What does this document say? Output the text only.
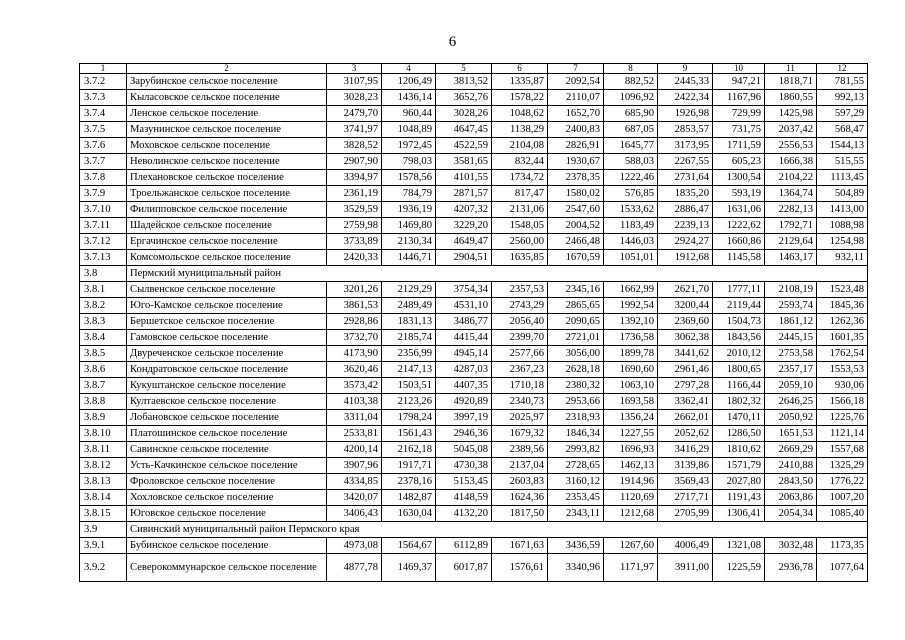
6
1	2	3	4	5	6	7	8	9	10	11	12
3.7.2	Зарубинское сельское поселение	3107,95	1206,49	3813,52	1335,87	2092,54	882,52	2445,33	947,21	1818,71	781,55
3.7.3	Кыласовское сельское поселение	3028,23	1436,14	3652,76	1578,22	2110,07	1096,92	2422,34	1167,96	1860,55	992,13
3.7.4	Ленское сельское поселение	2479,70	960,44	3028,26	1048,62	1652,70	685,90	1926,98	729,99	1425,98	597,29
3.7.5	Мазунинское сельское поселение	3741,97	1048,89	4647,45	1138,29	2400,83	687,05	2853,57	731,75	2037,42	568,47
3.7.6	Моховское сельское поселение	3828,52	1972,45	4522,59	2104,08	2826,91	1645,77	3173,95	1711,59	2556,53	1544,13
3.7.7	Неволинское сельское поселение	2907,90	798,03	3581,65	832,44	1930,67	588,03	2267,55	605,23	1666,38	515,55
3.7.8	Плехановское сельское поселение	3394,97	1578,56	4101,55	1734,72	2378,35	1222,46	2731,64	1300,54	2104,22	1113,45
3.7.9	Троельжанское сельское поселение	2361,19	784,79	2871,57	817,47	1580,02	576,85	1835,20	593,19	1364,74	504,89
3.7.10	Филипповское сельское поселение	3529,59	1936,19	4207,32	2131,06	2547,60	1533,62	2886,47	1631,06	2282,13	1413,00
3.7.11	Шадейское сельское поселение	2759,98	1469,80	3229,20	1548,05	2004,52	1183,49	2239,13	1222,62	1792,71	1088,98
3.7.12	Ергачинское сельское поселение	3733,89	2130,34	4649,47	2560,00	2466,48	1446,03	2924,27	1660,86	2129,64	1254,98
3.7.13	Комсомольское сельское поселение	2420,33	1446,71	2904,51	1635,85	1670,59	1051,01	1912,68	1145,58	1463,17	932,11
3.8	Пермский муниципальный район										
3.8.1	Сылвенское сельское поселение	3201,26	2129,29	3754,34	2357,53	2345,16	1662,99	2621,70	1777,11	2108,19	1523,48
3.8.2	Юго-Камское сельское поселение	3861,53	2489,49	4531,10	2743,29	2865,65	1992,54	3200,44	2119,44	2593,74	1845,36
3.8.3	Бершетское сельское поселение	2928,86	1831,13	3486,77	2056,40	2090,65	1392,10	2369,60	1504,73	1861,12	1262,36
3.8.4	Гамовское сельское поселение	3732,70	2185,74	4415,44	2399,70	2721,01	1736,58	3062,38	1843,56	2445,15	1601,35
3.8.5	Двуреченское сельское поселение	4173,90	2356,99	4945,14	2577,66	3056,00	1899,78	3441,62	2010,12	2753,58	1762,54
3.8.6	Кондратовское сельское поселение	3620,46	2147,13	4287,03	2367,23	2628,18	1690,60	2961,46	1800,65	2357,17	1553,53
3.8.7	Кукуштанское сельское поселение	3573,42	1503,51	4407,35	1710,18	2380,32	1063,10	2797,28	1166,44	2059,10	930,06
3.8.8	Култаевское сельское поселение	4103,38	2123,26	4920,89	2340,73	2953,66	1693,58	3362,41	1802,32	2646,25	1566,18
3.8.9	Лобановское сельское поселение	3311,04	1798,24	3997,19	2025,97	2318,93	1356,24	2662,01	1470,11	2050,92	1225,76
3.8.10	Платошинское сельское поселение	2533,81	1561,43	2946,36	1679,32	1846,34	1227,55	2052,62	1286,50	1651,53	1121,14
3.8.11	Савинское сельское поселение	4200,14	2162,18	5045,08	2389,56	2993,82	1696,93	3416,29	1810,62	2669,29	1557,68
3.8.12	Усть-Качкинское сельское поселение	3907,96	1917,71	4730,38	2137,04	2728,65	1462,13	3139,86	1571,79	2410,88	1325,29
3.8.13	Фроловское сельское поселение	4334,85	2378,16	5153,45	2603,83	3160,12	1914,96	3569,43	2027,80	2843,50	1776,22
3.8.14	Хохловское сельское поселение	3420,07	1482,87	4148,59	1624,36	2353,45	1120,69	2717,71	1191,43	2063,86	1007,20
3.8.15	Юговское сельское поселение	3406,43	1630,04	4132,20	1817,50	2343,11	1212,68	2705,99	1306,41	2054,34	1085,40
3.9	Сивинский муниципальный район Пермского края										
3.9.1	Бубинское сельское поселение	4973,08	1564,67	6112,89	1671,63	3436,59	1267,60	4006,49	1321,08	3032,48	1173,35
3.9.2	Северокоммунарское сельское поселение	4877,78	1469,37	6017,87	1576,61	3340,96	1171,97	3911,00	1225,59	2936,78	1077,64
